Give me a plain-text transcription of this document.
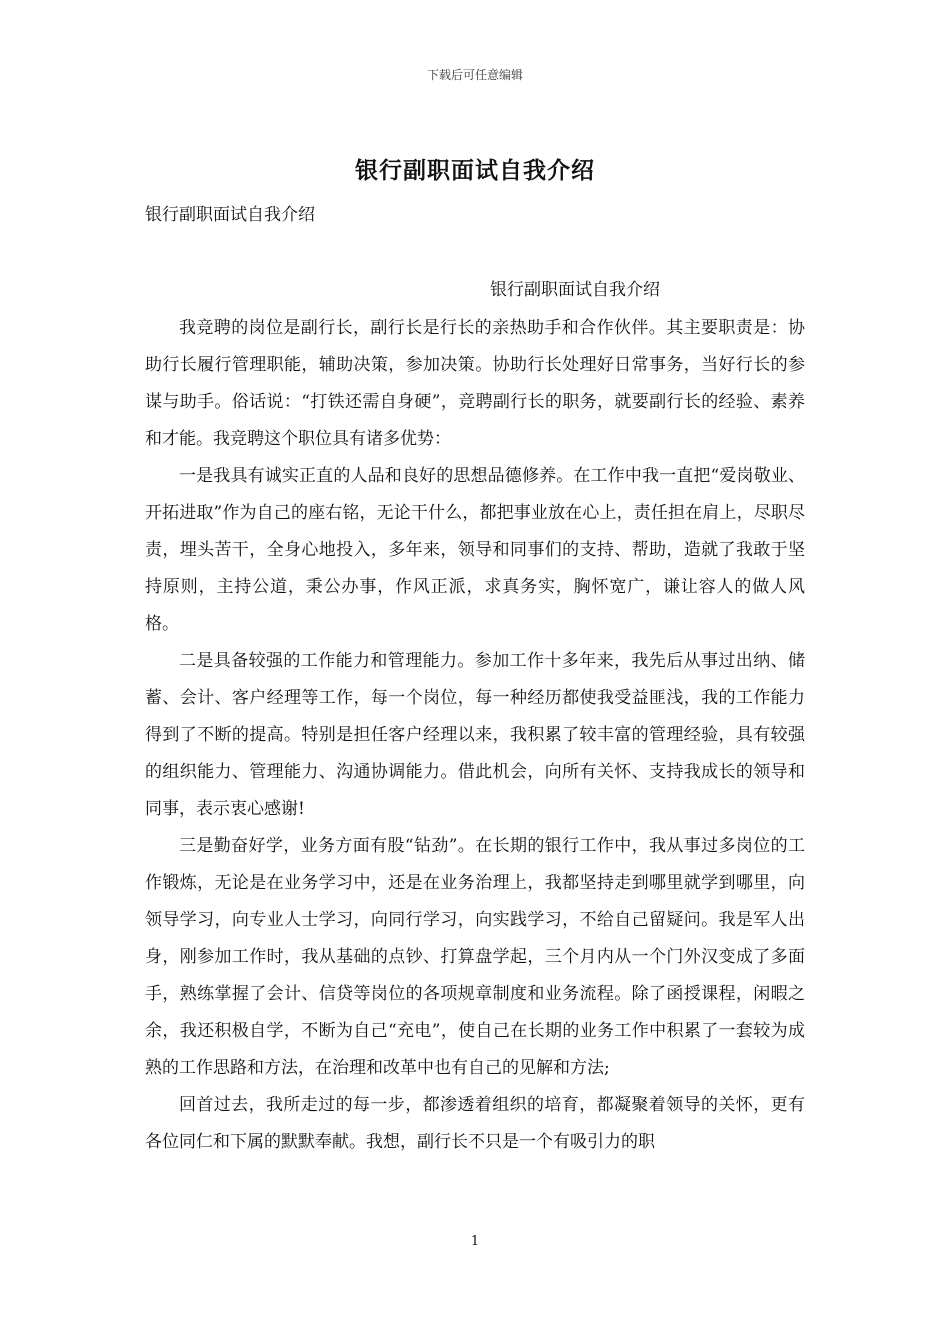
下载后可任意编辑
银行副职面试自我介绍
银行副职面试自我介绍
银行副职面试自我介绍

我竞聘的岗位是副行长，副行长是行长的亲热助手和合作伙伴。其主要职责是：协助行长履行管理职能，辅助决策，参加决策。协助行长处理好日常事务，当好行长的参谋与助手。俗话说：“打铁还需自身硬”，竞聘副行长的职务，就要副行长的经验、素养和才能。我竞聘这个职位具有诸多优势：

一是我具有诚实正直的人品和良好的思想品德修养。在工作中我一直把“爱岗敬业、开拓进取”作为自己的座右铭，无论干什么，都把事业放在心上，责任担在肩上，尽职尽责，埋头苦干，全身心地投入，多年来，领导和同事们的支持、帮助，造就了我敢于坚持原则，主持公道，秉公办事，作风正派，求真务实，胸怀宽广，谦让容人的做人风格。

二是具备较强的工作能力和管理能力。参加工作十多年来，我先后从事过出纳、储蓄、会计、客户经理等工作，每一个岗位，每一种经历都使我受益匪浅，我的工作能力得到了不断的提高。特别是担任客户经理以来，我积累了较丰富的管理经验，具有较强的组织能力、管理能力、沟通协调能力。借此机会，向所有关怀、支持我成长的领导和同事，表示衷心感谢!

三是勤奋好学，业务方面有股“钻劲”。在长期的银行工作中，我从事过多岗位的工作锻炼，无论是在业务学习中，还是在业务治理上，我都坚持走到哪里就学到哪里，向领导学习，向专业人士学习，向同行学习，向实践学习，不给自己留疑问。我是军人出身，刚参加工作时，我从基础的点钞、打算盘学起，三个月内从一个门外汉变成了多面手，熟练掌握了会计、信贷等岗位的各项规章制度和业务流程。除了函授课程，闲暇之余，我还积极自学，不断为自己“充电”，使自己在长期的业务工作中积累了一套较为成熟的工作思路和方法，在治理和改革中也有自己的见解和方法;

回首过去，我所走过的每一步，都渗透着组织的培育，都凝聚着领导的关怀，更有各位同仁和下属的默默奉献。我想，副行长不只是一个有吸引力的职

1
